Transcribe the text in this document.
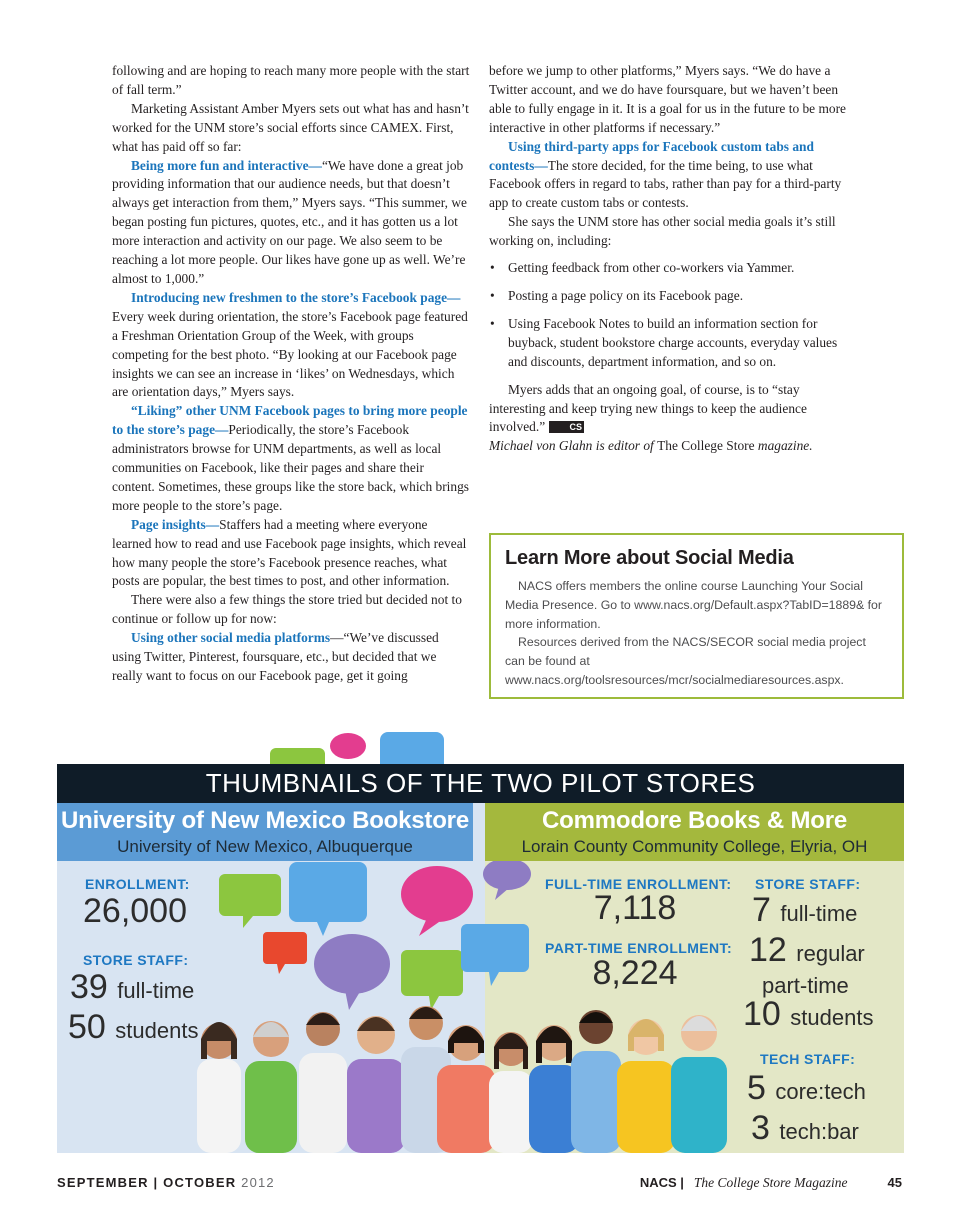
following and are hoping to reach many more people with the start of fall term.”

Marketing Assistant Amber Myers sets out what has and hasn’t worked for the UNM store’s social efforts since CAMEX. First, what has paid off so far:

Being more fun and interactive—“We have done a great job providing information that our audience needs, but that doesn’t always get interaction from them,” Myers says. “This summer, we began posting fun pictures, quotes, etc., and it has gotten us a lot more interaction and activity on our page. We also seem to be reaching a lot more people. Our likes have gone up as well. We’re almost to 1,000.”

Introducing new freshmen to the store’s Facebook page—Every week during orientation, the store’s Facebook page featured a Freshman Orientation Group of the Week, with groups competing for the best photo. “By looking at our Facebook page insights we can see an increase in ‘likes’ on Wednesdays, which are orientation days,” Myers says.

“Liking” other UNM Facebook pages to bring more people to the store’s page—Periodically, the store’s Facebook administrators browse for UNM departments, as well as local communities on Facebook, like their pages and share their content. Sometimes, these groups like the store back, which brings more people to the store’s page.

Page insights—Staffers had a meeting where everyone learned how to read and use Facebook page insights, which reveal how many people the store’s Facebook presence reaches, what posts are popular, the best times to post, and other information.

There were also a few things the store tried but decided not to continue or follow up for now:

Using other social media platforms—“We’ve discussed using Twitter, Pinterest, foursquare, etc., but decided that we really want to focus on our Facebook page, get it going

before we jump to other platforms,” Myers says. “We do have a Twitter account, and we do have foursquare, but we haven’t been able to fully engage in it. It is a goal for us in the future to be more interactive in other platforms if necessary.”

Using third-party apps for Facebook custom tabs and contests—The store decided, for the time being, to use what Facebook offers in regard to tabs, rather than pay for a third-party app to create custom tabs or contests.

She says the UNM store has other social media goals it’s still working on, including:

• Getting feedback from other co-workers via Yammer.
• Posting a page policy on its Facebook page.
• Using Facebook Notes to build an information section for buyback, student bookstore charge accounts, everyday values and discounts, department information, and so on.

Myers adds that an ongoing goal, of course, is to “stay interesting and keep trying new things to keep the audience involved.”	CS

Michael von Glahn is editor of The College Store magazine.

Learn More about Social Media

NACS offers members the online course Launching Your Social Media Presence. Go to www.nacs.org/Default.aspx?TabID=1889& for more information.

Resources derived from the NACS/SECOR social media project can be found at www.nacs.org/toolsresources/mcr/socialmediaresources.aspx.

THUMBNAILS OF THE TWO PILOT STORES
University of New Mexico Bookstore
University of New Mexico, Albuquerque
Commodore Books & More
Lorain County Community College, Elyria, OH
ENROLLMENT:
26,000
STORE STAFF:
39 full-time
50 students
FULL-TIME ENROLLMENT:
7,118
PART-TIME ENROLLMENT:
8,224
STORE STAFF:
7 full-time
12 regular
part-time
10 students
TECH STAFF:
5 core:tech
3 tech:bar
SEPTEMBER | OCTOBER 2012	NACS | The College Store Magazine	45
